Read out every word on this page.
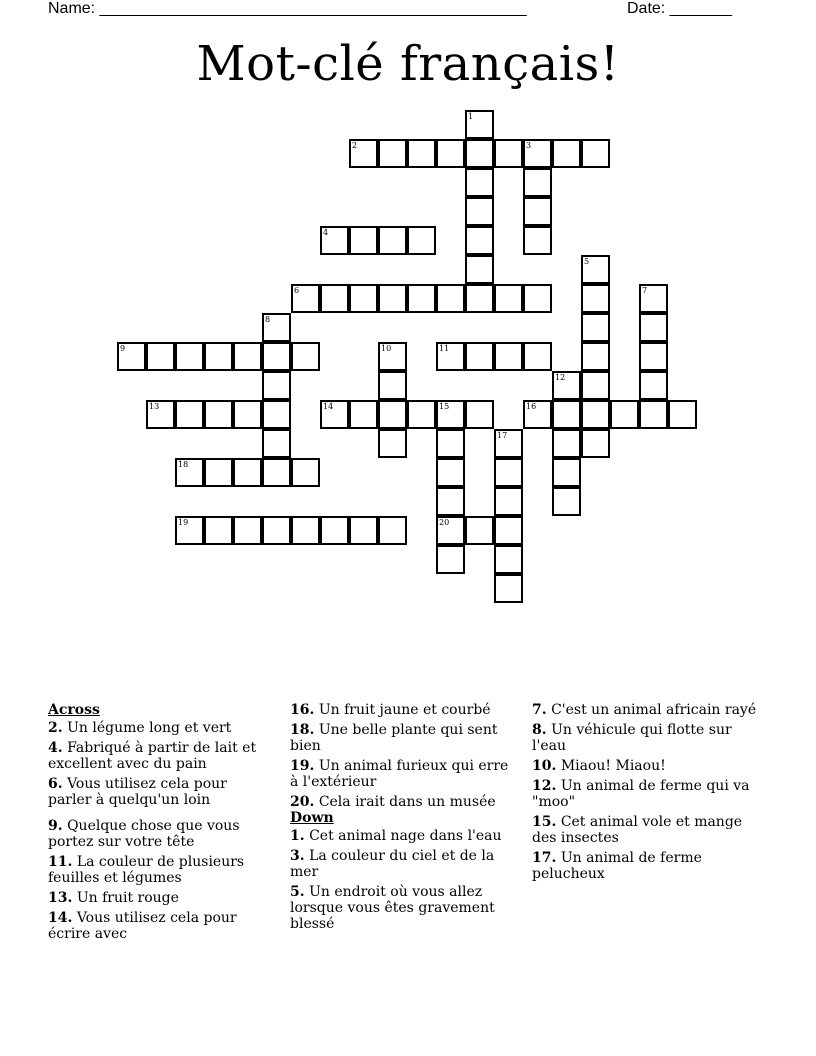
Name: ________________________________________________	Date: _______
Mot-clé français!
1
2	3
4
5
6	7
8
9	10	11
12
13	14	15
20
16
17
18
19
Across
2. Un légume long et vert
4. Fabriqué à partir de lait et excellent avec du pain
6. Vous utilisez cela pour parler à quelqu'un loin
9. Quelque chose que vous portez sur votre tête
11. La couleur de plusieurs feuilles et légumes
13. Un fruit rouge
14. Vous utilisez cela pour écrire avec
16. Un fruit jaune et courbé
18. Une belle plante qui sent bien
19. Un animal furieux qui erre à l'extérieur
20. Cela irait dans un musée
Down
1. Cet animal nage dans l'eau
3. La couleur du ciel et de la mer
5. Un endroit où vous allez lorsque vous êtes gravement blessé
7. C'est un animal africain rayé
8. Un véhicule qui flotte sur l'eau
10. Miaou! Miaou!
12. Un animal de ferme qui va "moo"
15. Cet animal vole et mange des insectes
17. Un animal de ferme pelucheux
